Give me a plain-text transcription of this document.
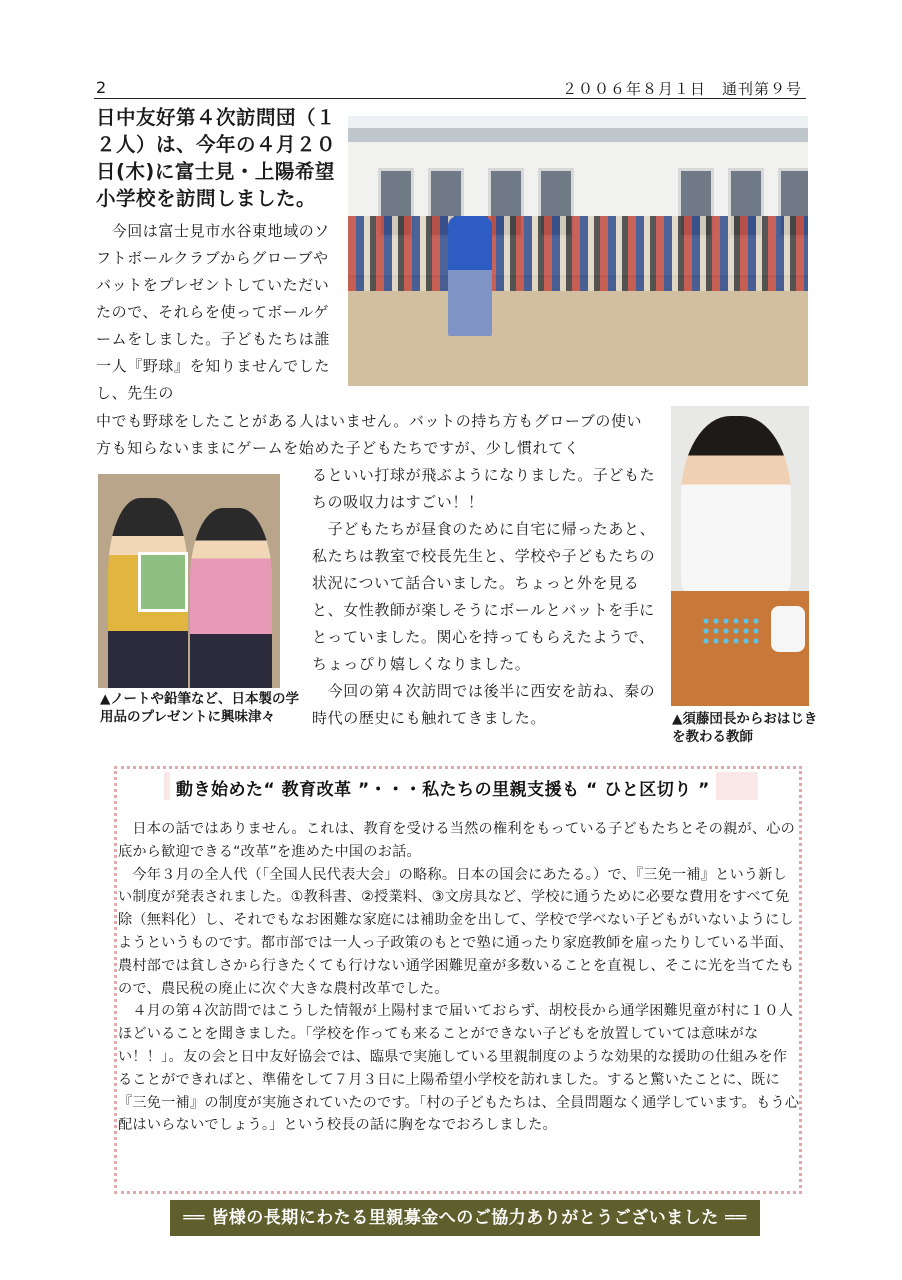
2	２００６年８月１日　通刊第９号
日中友好第４次訪問団（１２人）は、今年の４月２０日(木)に富士見・上陽希望小学校を訪問しました。
　今回は富士見市水谷東地域のソフトボールクラブからグローブやバットをプレゼントしていただいたので、それらを使ってボールゲームをしました。子どもたちは誰一人『野球』を知りませんでしたし、先生の
中でも野球をしたことがある人はいません。バットの持ち方もグローブの使い方も知らないままにゲームを始めた子どもたちですが、少し慣れてく
るといい打球が飛ぶようになりました。子どもたちの吸収力はすごい！！
　子どもたちが昼食のために自宅に帰ったあと、私たちは教室で校長先生と、学校や子どもたちの状況について話合いました。ちょっと外を見ると、女性教師が楽しそうにボールとバットを手にとっていました。関心を持ってもらえたようで、ちょっぴり嬉しくなりました。
　今回の第４次訪問では後半に西安を訪ね、秦の時代の歴史にも触れてきました。
▲ノートや鉛筆など、日本製の学用品のプレゼントに興味津々	▲須藤団長からおはじきを教わる教師
動き始めた“ 教育改革 ”・・・私たちの里親支援も “ ひと区切り ”
　日本の話ではありません。これは、教育を受ける当然の権利をもっている子どもたちとその親が、心の底から歓迎できる“改革”を進めた中国のお話。
　今年３月の全人代（「全国人民代表大会」の略称。日本の国会にあたる。）で、『三免一補』という新しい制度が発表されました。①教科書、②授業料、③文房具など、学校に通うために必要な費用をすべて免除（無料化）し、それでもなお困難な家庭には補助金を出して、学校で学べない子どもがいないようにしようというものです。都市部では一人っ子政策のもとで塾に通ったり家庭教師を雇ったりしている半面、農村部では貧しさから行きたくても行けない通学困難児童が多数いることを直視し、そこに光を当てたもので、農民税の廃止に次ぐ大きな農村改革でした。
　４月の第４次訪問ではこうした情報が上陽村まで届いておらず、胡校長から通学困難児童が村に１０人ほどいることを聞きました。「学校を作っても来ることができない子どもを放置していては意味がない！！」。友の会と日中友好協会では、臨県で実施している里親制度のような効果的な援助の仕組みを作ることができればと、準備をして７月３日に上陽希望小学校を訪れました。すると驚いたことに、既に『三免一補』の制度が実施されていたのです。「村の子どもたちは、全員問題なく通学しています。もう心配はいらないでしょう。」という校長の話に胸をなでおろしました。
══ 皆様の長期にわたる里親募金へのご協力ありがとうございました ══
